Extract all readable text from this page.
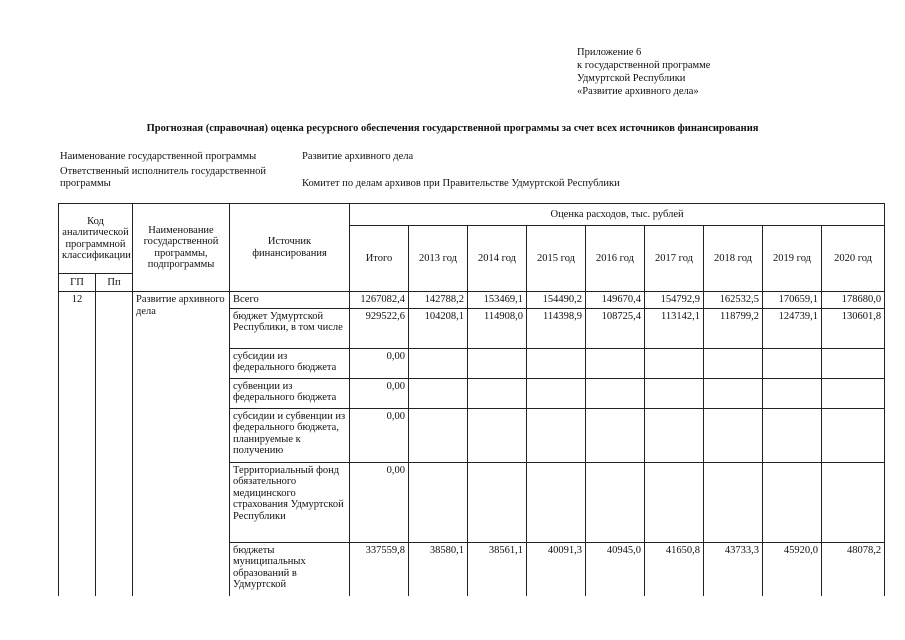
Приложение 6
к государственной программе
Удмуртской Республики
«Развитие архивного дела»
Прогнозная (справочная) оценка ресурсного обеспечения государственной программы за счет всех источников финансирования
Наименование государственной программы	Развитие архивного дела
Ответственный исполнитель государственной программы	Комитет по делам архивов при Правительстве Удмуртской Республики
Код аналитической программной классификации		Наименование государственной программы, подпрограммы	Источник финансирования	Оценка расходов, тыс. рублей								
				Итого	2013 год	2014 год	2015 год	2016 год	2017 год	2018 год	2019 год	2020 год
ГП	Пп											
12		Развитие архивного дела	Всего	1267082,4	142788,2	153469,1	154490,2	149670,4	154792,9	162532,5	170659,1	178680,0
			бюджет Удмуртской Республики, в том числе	929522,6	104208,1	114908,0	114398,9	108725,4	113142,1	118799,2	124739,1	130601,8
			субсидии из федерального бюджета	0,00								
			субвенции из федерального бюджета	0,00								
			субсидии и субвенции из федерального бюджета, планируемые к получению	0,00								
			Территориальный фонд обязательного медицинского страхования Удмуртской Республики	0,00								
			бюджеты муниципальных образований в Удмуртской	337559,8	38580,1	38561,1	40091,3	40945,0	41650,8	43733,3	45920,0	48078,2
